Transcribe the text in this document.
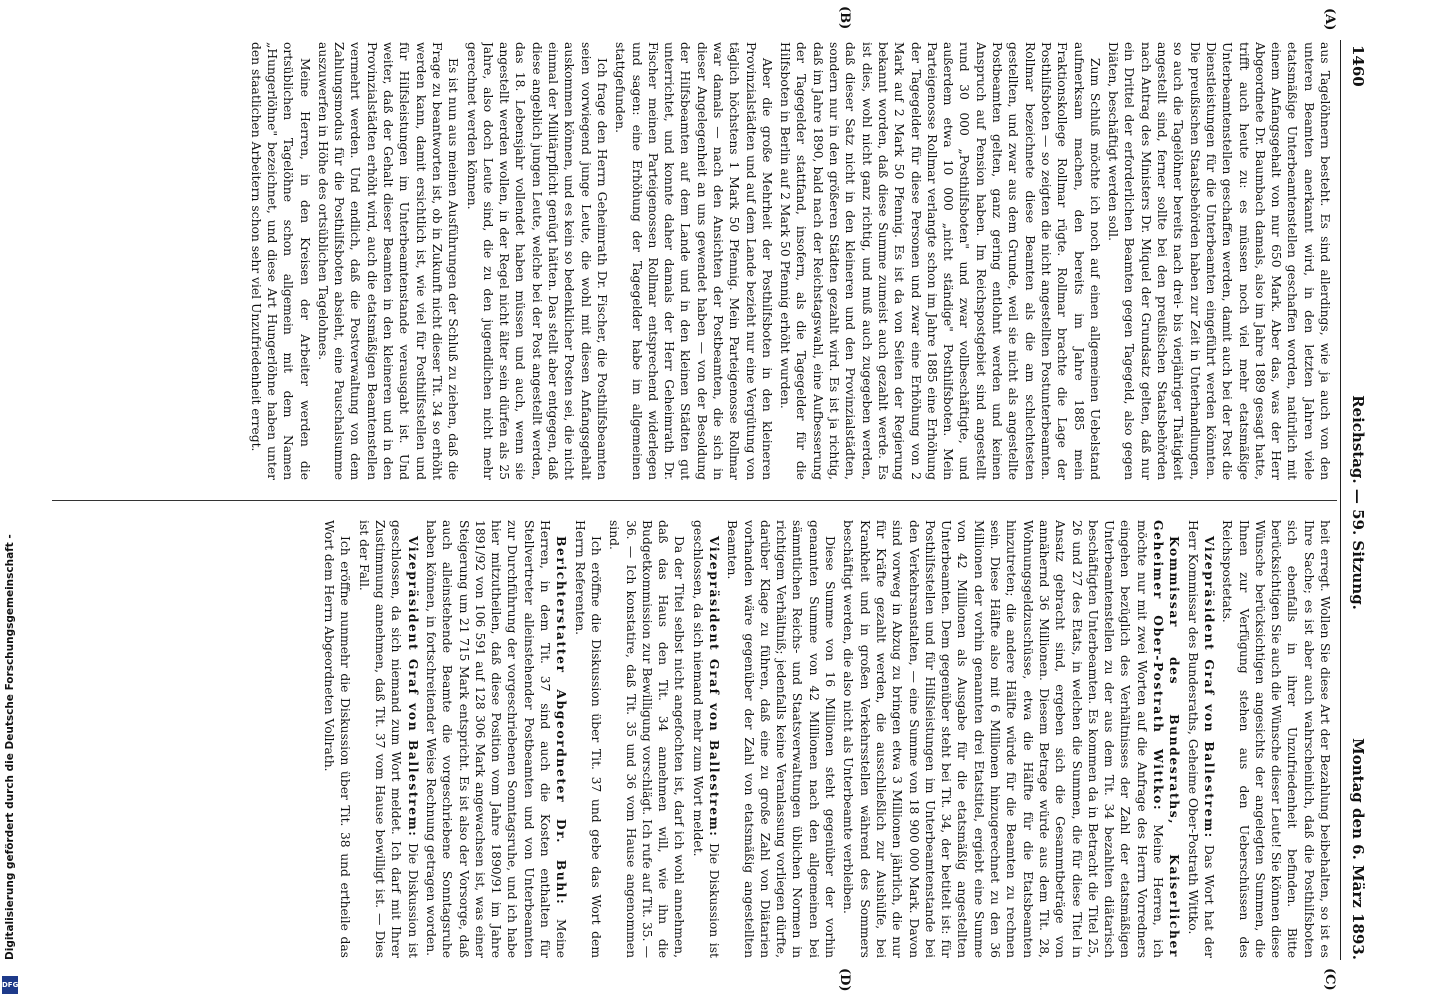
1460
Reichstag. — 59. Sitzung.
Montag den 6. März 1893.
(A)
(B)
(C)
(D)

aus Tagelöhnern besteht. Es sind allerdings, wie ja auch von den unteren Beamten anerkannt wird, in den letzten Jahren viele etatsmäßige Unterbeamtenstellen geschaffen worden, natürlich mit einem Anfangsgehalt von nur 650 Mark. Aber das, was der Herr Abgeordnete Dr. Baumbach damals, also im Jahre 1889 gesagt hatte, trifft auch heute zu: es müssen noch viel mehr etatsmäßige Unterbeamtenstellen geschaffen werden, damit auch bei der Post die Dienstleistungen für die Unterbeamten eingeführt werden könnten. Die preußischen Staatsbehörden haben zur Zeit in Unterhandlungen, so auch die Tagelöhner bereits nach drei- bis vierjähriger Thätigkeit angestellt sind, ferner sollte bei den preußischen Staatsbehörden nach Antrag des Ministers Dr. Miquel der Grundsatz gelten, daß nur ein Drittel der erforderlichen Beamten gegen Tagegeld, also gegen Diäten, beschäftigt werden soll.

Zum Schluß möchte ich noch auf einen allgemeinen Uebelstand aufmerksam machen, den bereits im Jahre 1885 mein Fraktionskollege Rollmar rügte. Rollmar brachte die Lage der Posthilfsboten — so zeigten die nicht angestellten Postunterbeamten. Rollmar bezeichnete diese Beamten als die am schlechtesten gestellten, und zwar aus dem Grunde, weil sie nicht als angestellte Postbeamten gelten, ganz gering entlohnt werden und keinen Anspruch auf Pension haben. Im Reichspostgebiet sind angestellt rund 30 000 „Posthilfsboten" und zwar vollbeschäftigte, und außerdem etwa 10 000 „nicht ständige" Posthilfsboten. Mein Parteigenosse Rollmar verlangte schon im Jahre 1885 eine Erhöhung der Tagegelder für diese Personen und zwar eine Erhöhung von 2 Mark auf 2 Mark 50 Pfennig. Es ist da von Seiten der Regierung bekannt worden, daß diese Summe zumeist auch gezahlt werde. Es ist dies, wohl nicht ganz richtig, und muß auch zugegeben werden, daß dieser Satz nicht in den kleineren und den Provinzialstädten, sondern nur in den größeren Städten gezahlt wird. Es ist ja richtig, daß im Jahre 1890, bald nach der Reichstagswahl, eine Aufbesserung der Tagegelder stattfand, insofern, als die Tagegelder für die Hilfsboten in Berlin auf 2 Mark 50 Pfennig erhöht wurden.

Aber die große Mehrheit der Posthilfsboten in den kleineren Provinzialstädten und auf dem Lande bezieht nur eine Vergütung von täglich höchstens 1 Mark 50 Pfennig. Mein Parteigenosse Rollmar war damals — nach den Ansichten der Postbeamten, die sich in dieser Angelegenheit an uns gewendet haben — von der Besoldung der Hilfsbeamten auf dem Lande und in den kleinen Städten gut unterrichtet, und konnte daher damals der Herr Geheimrath Dr. Fischer meinen Parteigenossen Rollmar entsprechend widerlegen und sagen: eine Erhöhung der Tagegelder habe im allgemeinen stattgefunden.

Ich frage den Herrn Geheimrath Dr. Fischer, die Posthilfsbeamten seien vorwiegend junge Leute, die wohl mit diesen Anfangsgehalt auskommen können, und es kein so bedenklicher Posten sei, die nicht einmal der Militärpflicht genügt hätten. Das stellt aber entgegen, daß diese angeblich jungen Leute, welche bei der Post angestellt werden, das 18. Lebensjahr vollendet haben müssen und auch, wenn sie angestellt werden wollen, in der Regel nicht älter sein dürfen als 25 Jahre, also doch Leute sind, die zu den jugendlichen nicht mehr gerechnet werden können.

Es ist nun aus meinen Ausführungen der Schluß zu ziehen, daß die Frage zu beantworten ist, ob in Zukunft nicht dieser Tit. 34 so erhöht werden kann, damit ersichtlich ist, wie viel für Posthilfsstellen und für Hilfsleistungen im Unterbeamtenstande verausgabt ist. Und weiter, daß der Gehalt dieser Beamten in den kleineren und in den Provinzialstädten erhöht wird, auch die etatsmäßigen Beamtenstellen vermehrt werden. Und endlich, daß die Postverwaltung von dem Zahlungsmodus für die Posthilfsboten absieht, eine Pauschalsumme auszuwerfen in Höhe des ortsüblichen Tagelohnes.

Meine Herren, in den Kreisen der Arbeiter werden die ortsüblichen Tagelöhne schon allgemein mit dem Namen „Hungerlöhne" bezeichnet, und diese Art Hungerlöhne haben unter den staatlichen Arbeitern schon sehr viel Unzufriedenheit erregt.

heit erregt. Wollen Sie diese Art der Bezahlung beibehalten, so ist es Ihre Sache; es ist aber auch wahrscheinlich, daß die Posthilfsboten sich ebenfalls in ihrer Unzufriedenheit befinden. Bitte berücksichtigen Sie auch die Wünsche dieser Leute! Sie können diese Wünsche berücksichtigen angesichts der angelegten Summen, die Ihnen zur Verfügung stehen aus den Ueberschüssen des Reichspostetats.

Vizepräsident Graf von Ballestrem: Das Wort hat der Herr Kommissar des Bundesraths, Geheime Ober-Postrath Wittko.

Kommissar des Bundesraths, Kaiserlicher Geheimer Ober-Postrath Wittko: Meine Herren, ich möchte nur mit zwei Worten auf die Anfrage des Herrn Vorredners eingehen bezüglich des Verhältnisses der Zahl der etatsmäßigen Unterbeamtenstellen zu der aus dem Tit. 34 bezahlten diätarisch beschäftigten Unterbeamten. Es kommen da in Betracht die Titel 25, 26 und 27 des Etats, in welchen die Summen, die für diese Titel in Ansatz gebracht sind, ergeben sich die Gesammtbeträge von annähernd 36 Millionen. Diesem Betrage würde aus dem Tit. 28, Wohnungsgeldzuschüsse, etwa die Hälfte für die Etatsbeamten hinzutreten; die andere Hälfte würde für die Beamten zu rechnen sein. Diese Hälfte also mit 6 Millionen hinzugerechnet zu den 36 Millionen der vorhin genannten drei Etatstitel, ergiebt eine Summe von 42 Millionen als Ausgabe für die etatsmäßig angestellten Unterbeamten. Dem gegenüber steht bei Tit. 34, der betitelt ist: für Posthilfsstellen und für Hilfsleistungen im Unterbeamtenstande bei den Verkehrsanstalten, — eine Summe von 18 900 000 Mark. Davon sind vorweg in Abzug zu bringen etwa 3 Millionen jährlich, die nur für Kräfte gezahlt werden, die ausschließlich zur Aushülfe, bei Krankheit und in großen Verkehrsstellen während des Sommers beschäftigt werden, die also nicht als Unterbeamte verbleiben.

Diese Summe von 16 Millionen steht gegenüber der vorhin genannten Summe von 42 Millionen nach den allgemeinen bei sämmtlichen Reichs- und Staatsverwaltungen üblichen Normen in richtigem Verhältniß; jedenfalls keine Veranlassung vorliegen dürfte, darüber Klage zu führen, daß eine zu große Zahl von Diätarien vorhanden wäre gegenüber der Zahl von etatsmäßig angestellten Beamten.

Vizepräsident Graf von Ballestrem: Die Diskussion ist geschlossen, da sich niemand mehr zum Wort meldet.

Da der Titel selbst nicht angefochten ist, darf ich wohl annehmen, daß das Haus den Tit. 34 annehmen will, wie ihn die Budgetkommission zur Bewilligung vorschlägt. Ich rufe auf Tit. 35. — 36. — Ich konstatire, daß Tit. 35 und 36 vom Hause angenommen sind.

Ich eröffne die Diskussion über Tit. 37 und gebe das Wort dem Herrn Referenten.

Berichterstatter Abgeordneter Dr. Buhl: Meine Herren, in dem Tit. 37 sind auch die Kosten enthalten für Stellvertreter alleinstehender Postbeamten und von Unterbeamten zur Durchführung der vorgeschriebenen Sonntagsruhe, und ich habe hier mitzutheilen, daß diese Position vom Jahre 1890/91 im Jahre 1891/92 von 106 591 auf 128 306 Mark angewachsen ist, was einer Steigerung um 21 715 Mark entspricht. Es ist also der Vorsorge, daß auch alleinstehende Beamte die vorgeschriebene Sonntagsruhe haben können, in fortschreitender Weise Rechnung getragen worden.

Vizepräsident Graf von Ballestrem: Die Diskussion ist geschlossen, da sich niemand zum Wort meldet. Ich darf mit Ihrer Zustimmung annehmen, daß Tit. 37 vom Hause bewilligt ist. — Dies ist der Fall.

Ich eröffne nunmehr die Diskussion über Tit. 38 und ertheile das Wort dem Herrn Abgeordneten Vollrath.

Digitalisierung gefördert durch die Deutsche Forschungsgemeinschaft -
DFG
